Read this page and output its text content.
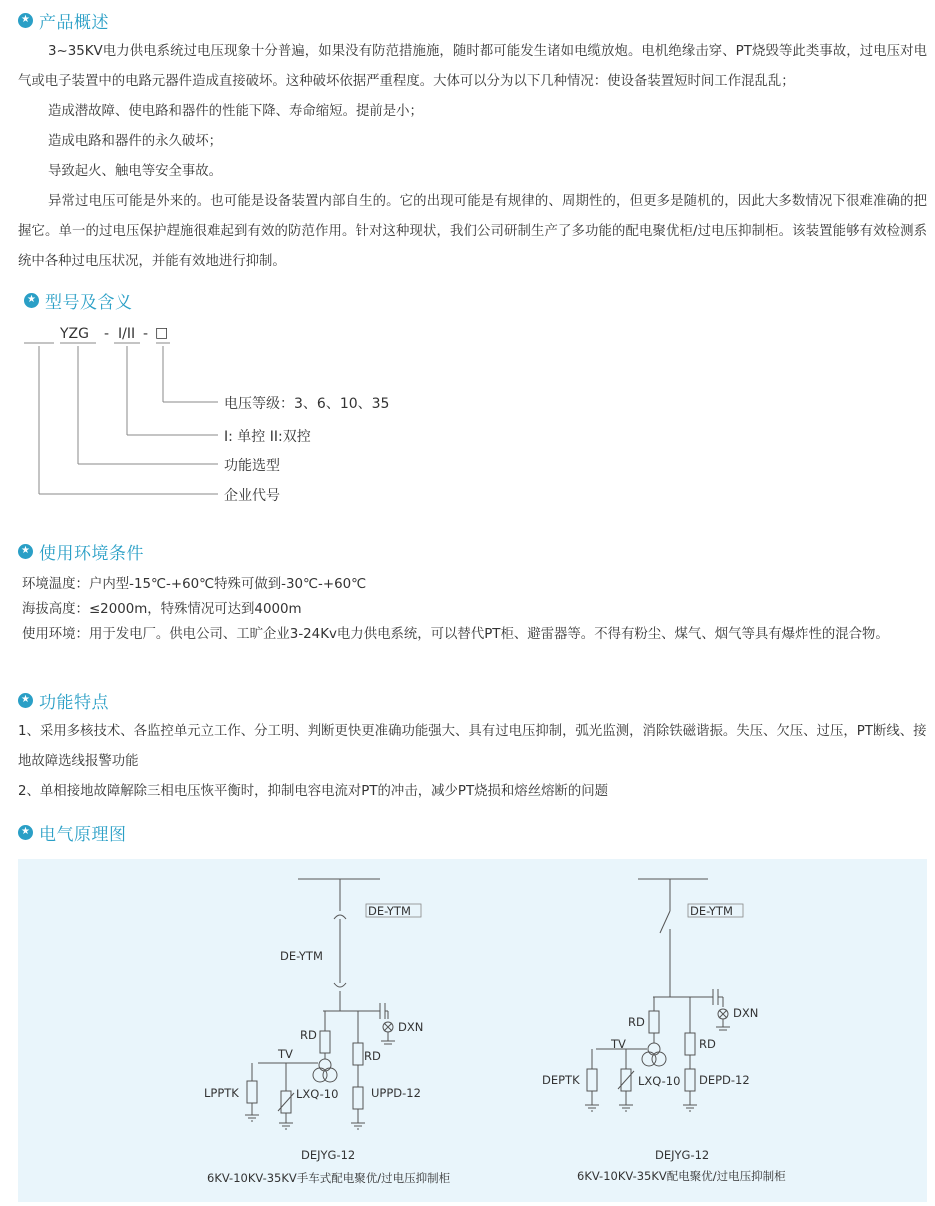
★ 产品概述

3~35KV电力供电系统过电压现象十分普遍，如果没有防范措施施，随时都可能发生诸如电缆放炮。电机绝缘击穿、PT烧毁等此类事故，过电压对电气或电子装置中的电路元器件造成直接破坏。这种破坏依据严重程度。大体可以分为以下几种情况：使设备装置短时间工作混乱乱；

造成潜故障、使电路和器件的性能下降、寿命缩短。提前是小；

造成电路和器件的永久破坏；

导致起火、触电等安全事故。

异常过电压可能是外来的。也可能是设备装置内部自生的。它的出现可能是有规律的、周期性的，但更多是随机的，因此大多数情况下很难准确的把握它。单一的过电压保护趕施很难起到有效的防范作用。针对这种现状，我们公司研制生产了多功能的配电聚优柜/过电压抑制柜。该装置能够有效检测系统中各种过电压状况，并能有效地进行抑制。

★ 型号及含义
YZG - I/II - □
电压等级：3、6、10、35
I: 单控 II:双控
功能选型
企业代号
★ 使用环境条件

环境温度：户内型-15℃-+60℃特殊可做到-30℃-+60℃

海拔高度：≤2000m，特殊情况可达到4000m

使用环境：用于发电厂。供电公司、工旷企业3-24Kv电力供电系统，可以替代PT柜、避雷器等。不得有粉尘、煤气、烟气等具有爆炸性的混合物。

★ 功能特点

1、采用多核技术、各监控单元立工作、分工明、判断更快更准确功能强大、具有过电压抑制，弧光监测，消除铁磁谐振。失压、欠压、过压，PT断线、接地故障选线报警功能

2、单相接地故障解除三相电压恢平衡时，抑制电容电流对PT的冲击，减少PT烧损和熔丝熔断的问题

★ 电气原理图
DE-YTM
DE-YTM
RD
TV	RD
DXN
LPPTK	LXQ-10	UPPD-12
DEJYG-12
6KV-10KV-35KV手车式配电聚优/过电压抑制柜
DE-YTM
RD
TV	RD
DXN
DEPTK	LXQ-10 DEPD-12
DEJYG-12
6KV-10KV-35KV配电聚优/过电压抑制柜
